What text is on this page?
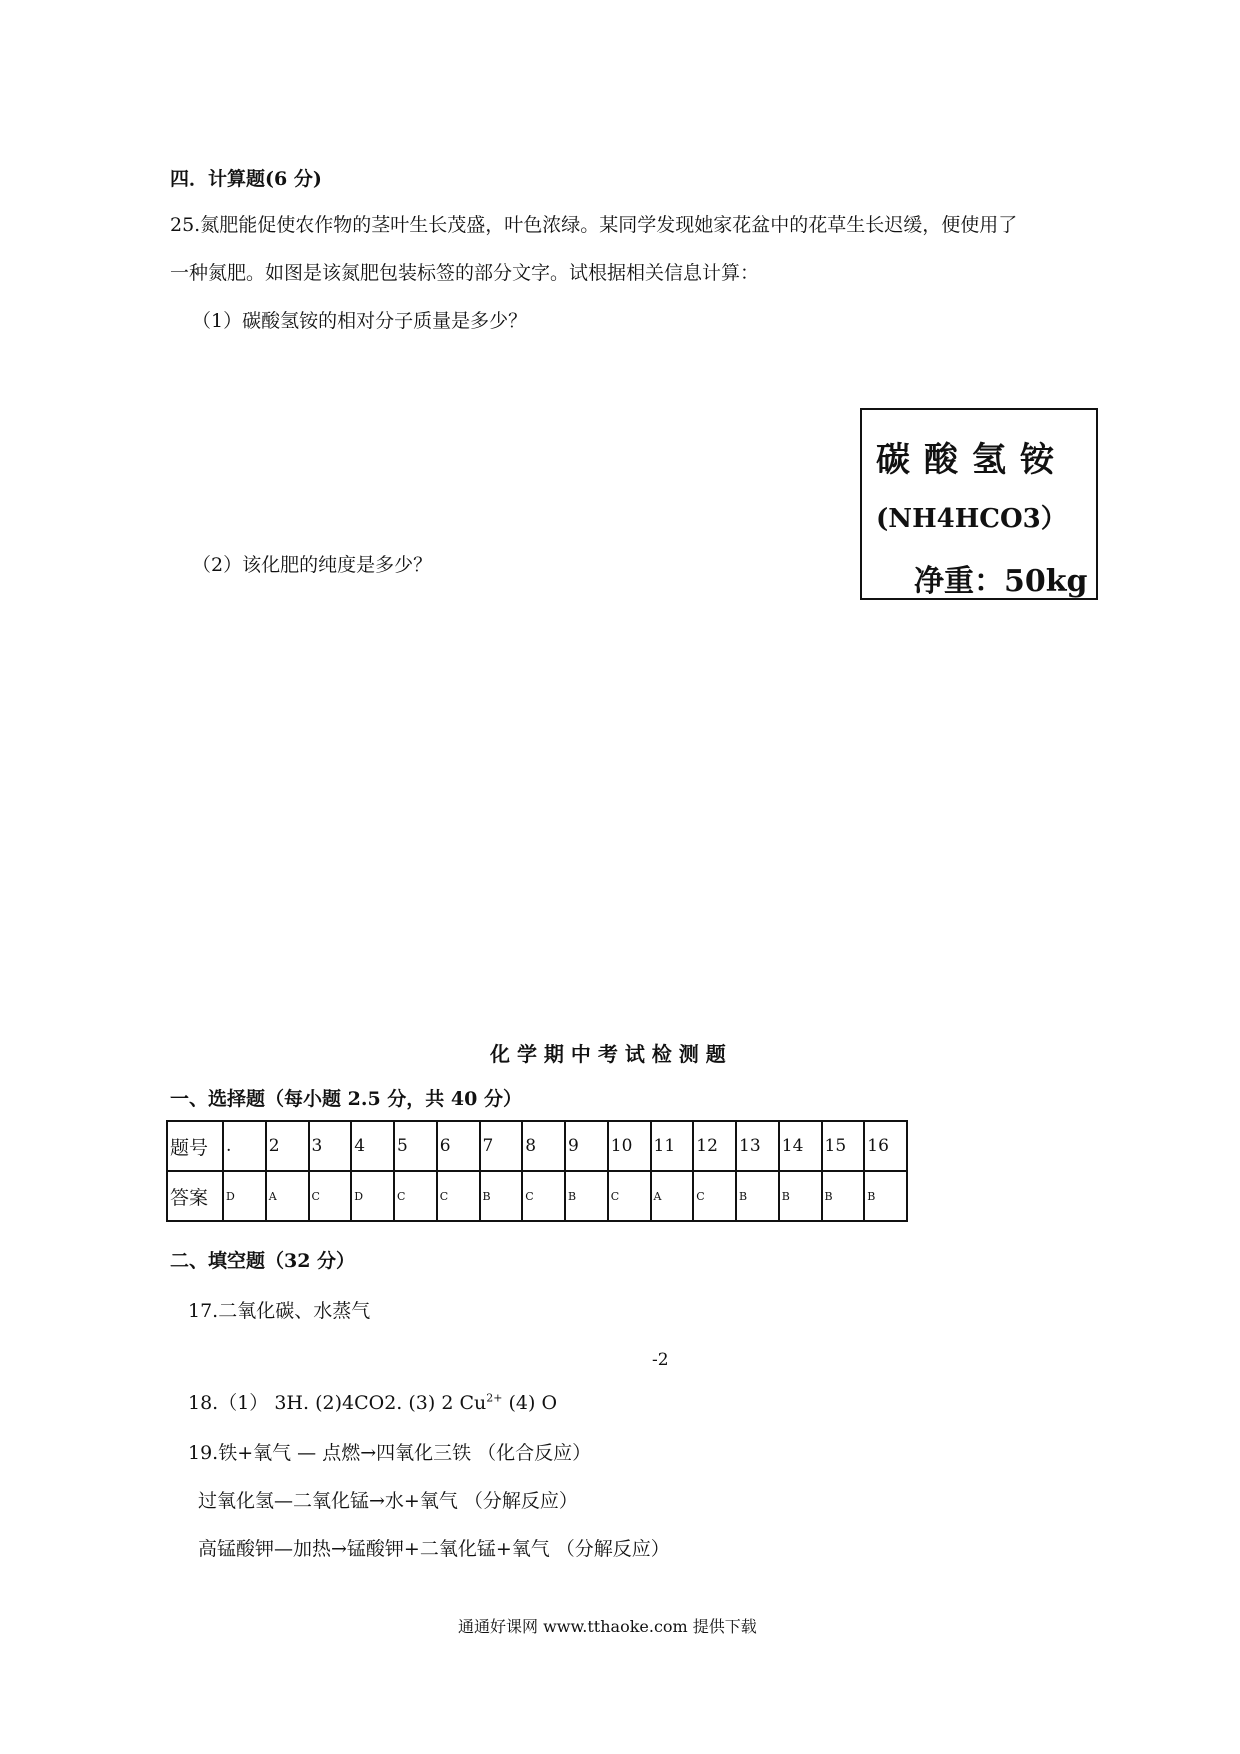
四．计算题(6 分)
25.氮肥能促使农作物的茎叶生长茂盛，叶色浓绿。某同学发现她家花盆中的花草生长迟缓，便使用了
一种氮肥。如图是该氮肥包装标签的部分文字。试根据相关信息计算：
（1）碳酸氢铵的相对分子质量是多少？
（2）该化肥的纯度是多少？
碳酸氢铵
(NH4HCO3）
净重：50kg
化 学 期 中 考 试 检 测 题
一、选择题（每小题 2.5 分，共 40 分）
题号	.	2	3	4	5	6	7	8	9	10	11	12	13	14	15	16
答案	D	A	C	D	C	C	B	C	B	C	A	C	B	B	B	B
二、填空题（32 分）
17.二氧化碳、水蒸气
-2
18.（1） 3H. (2)4CO2. (3) 2 $Cu^{2+}$ (4) O
19.铁+氧气 — 点燃→四氧化三铁 （化合反应）
过氧化氢—二氧化锰→水+氧气 （分解反应）
高锰酸钾—加热→锰酸钾+二氧化锰+氧气 （分解反应）
通通好课网 www.tthaoke.com 提供下载
